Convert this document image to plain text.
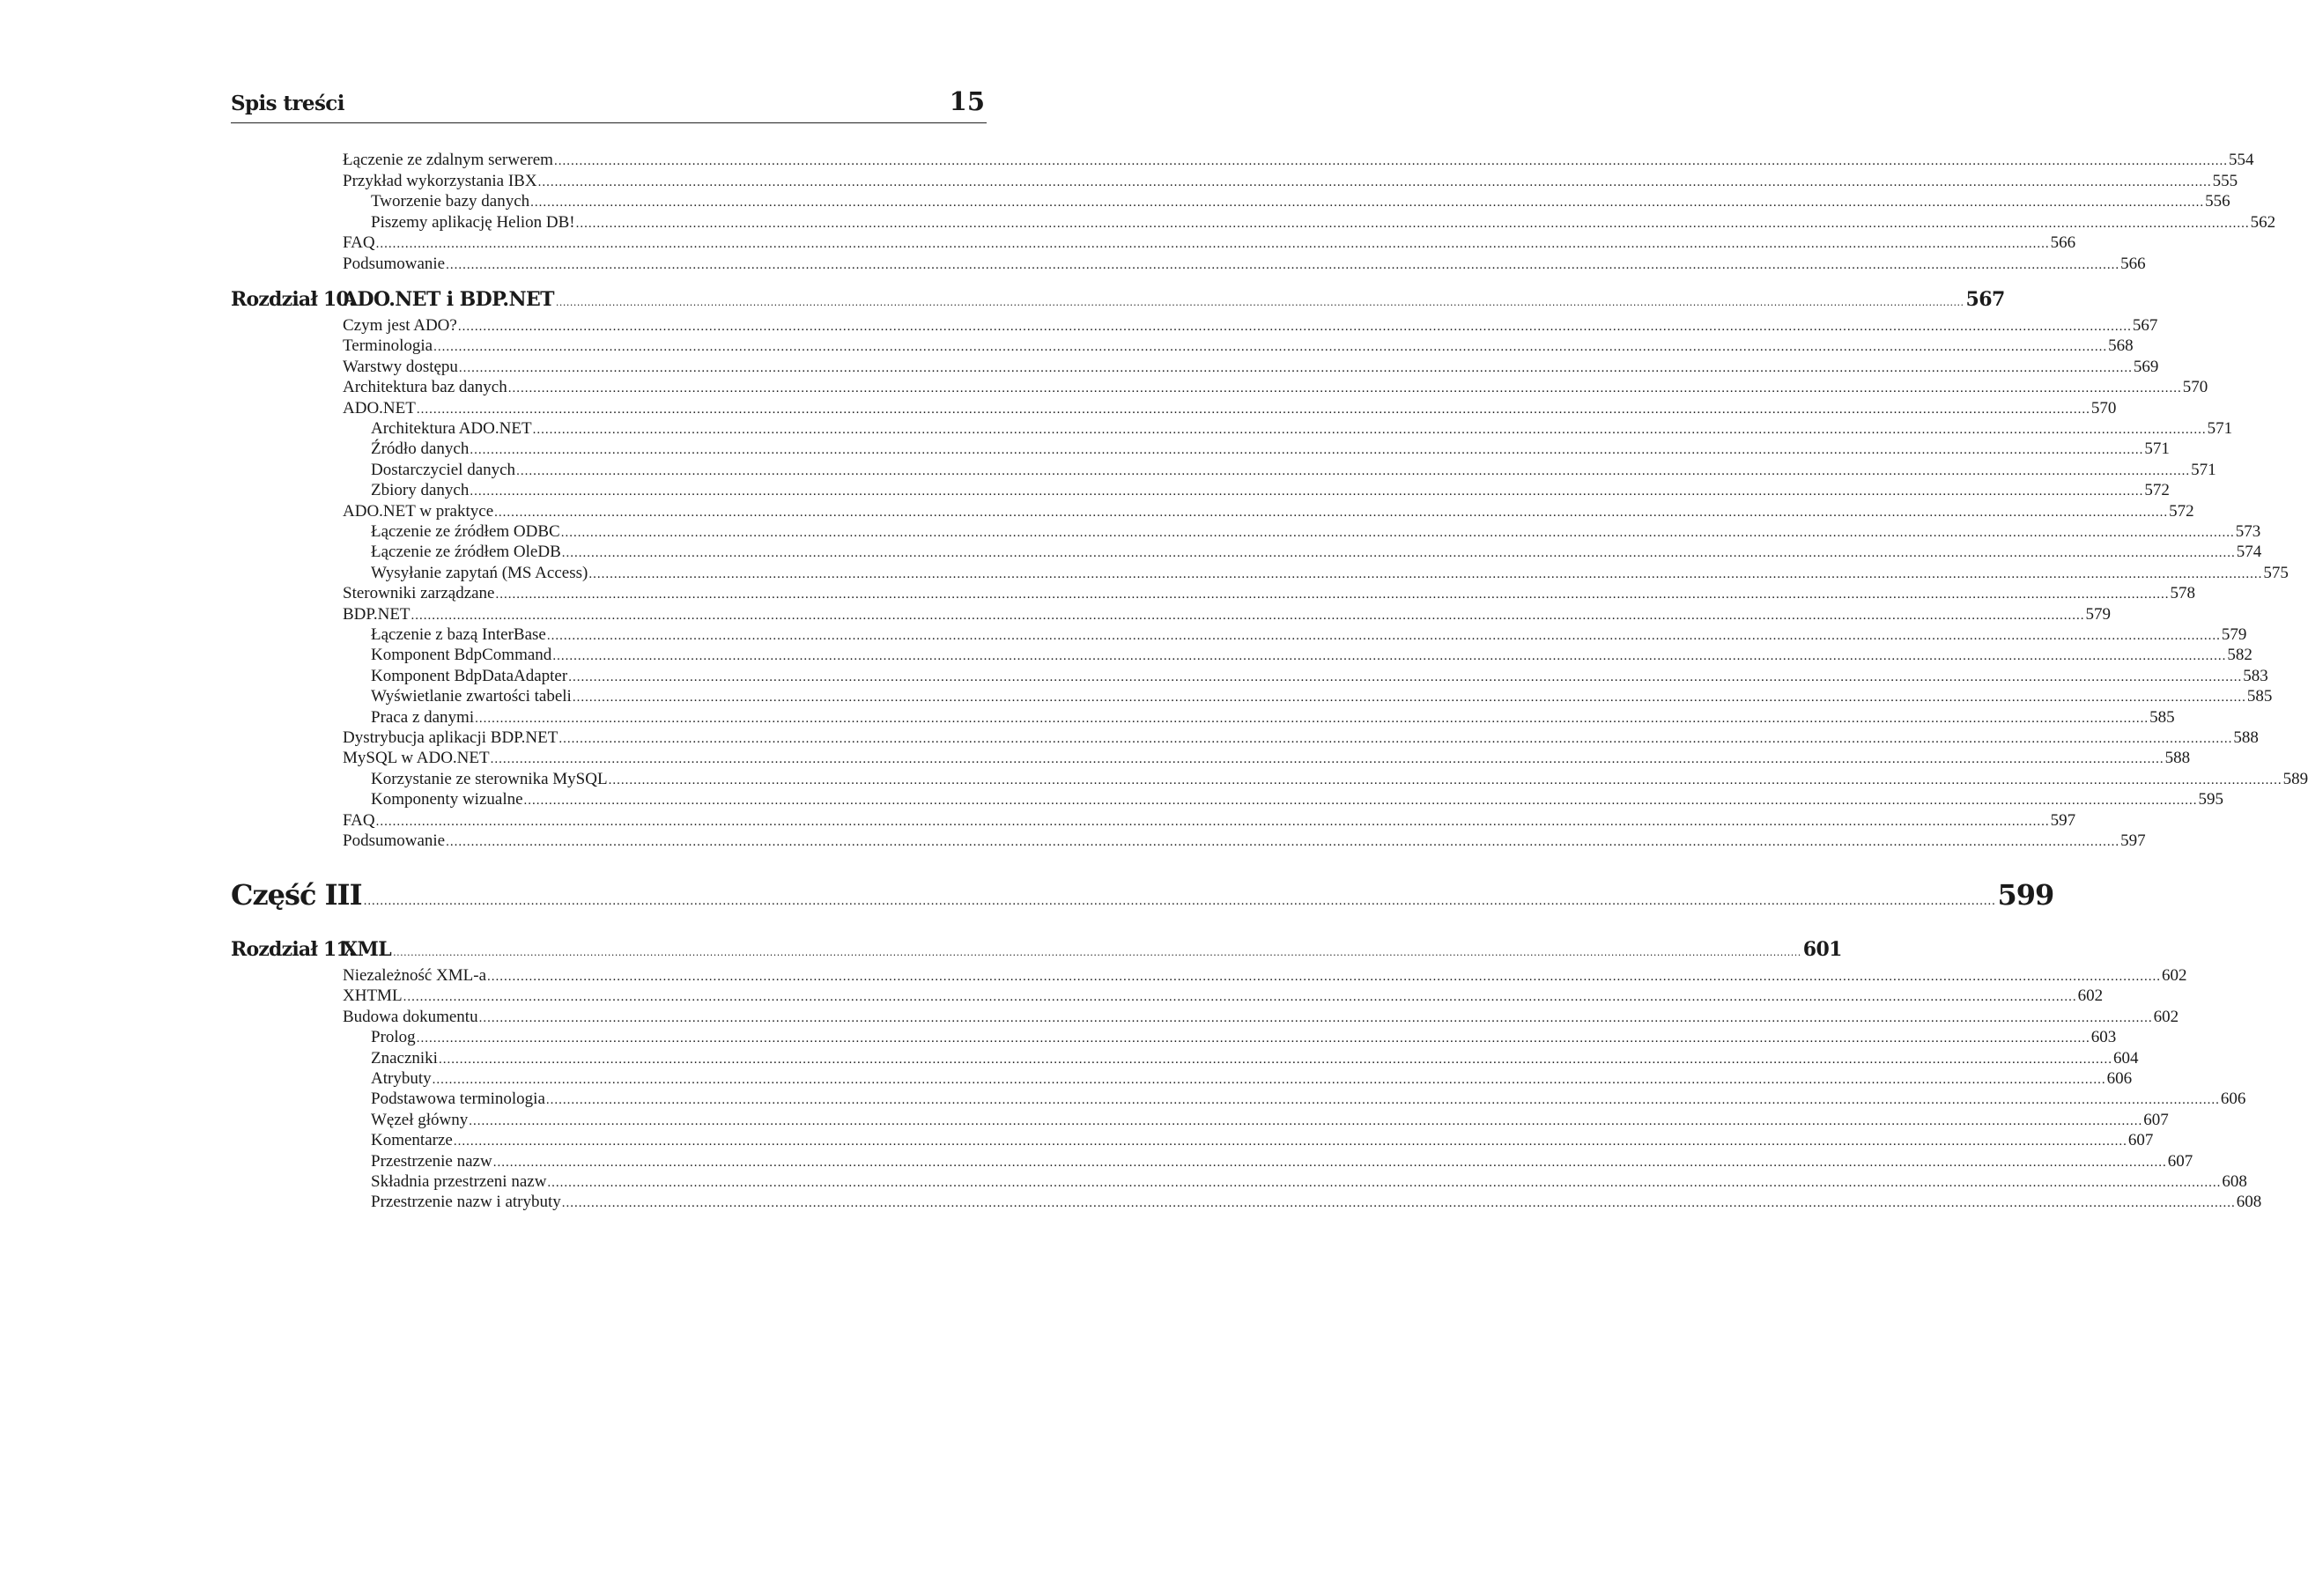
Spis treści	15
Łączenie ze zdalnym serwerem ................................................................................................................................................................................................................................................................................................................................................................................................................ 554
Przykład wykorzystania IBX ................................................................................................................................................................................................................................................................................................................................................................................................................ 555
Tworzenie bazy danych ................................................................................................................................................................................................................................................................................................................................................................................................................ 556
Piszemy aplikację Helion DB! ................................................................................................................................................................................................................................................................................................................................................................................................................ 562
FAQ ................................................................................................................................................................................................................................................................................................................................................................................................................ 566
Podsumowanie ................................................................................................................................................................................................................................................................................................................................................................................................................ 566
Rozdział 10.
ADO.NET i BDP.NET ................................................................................................................................................................................................................................................................................................................................................................................................................ 567
Czym jest ADO? ................................................................................................................................................................................................................................................................................................................................................................................................................ 567
Terminologia ................................................................................................................................................................................................................................................................................................................................................................................................................ 568
Warstwy dostępu ................................................................................................................................................................................................................................................................................................................................................................................................................ 569
Architektura baz danych ................................................................................................................................................................................................................................................................................................................................................................................................................ 570
ADO.NET ................................................................................................................................................................................................................................................................................................................................................................................................................ 570
Architektura ADO.NET ................................................................................................................................................................................................................................................................................................................................................................................................................ 571
Źródło danych ................................................................................................................................................................................................................................................................................................................................................................................................................ 571
Dostarczyciel danych ................................................................................................................................................................................................................................................................................................................................................................................................................ 571
Zbiory danych ................................................................................................................................................................................................................................................................................................................................................................................................................ 572
ADO.NET w praktyce ................................................................................................................................................................................................................................................................................................................................................................................................................ 572
Łączenie ze źródłem ODBC ................................................................................................................................................................................................................................................................................................................................................................................................................ 573
Łączenie ze źródłem OleDB ................................................................................................................................................................................................................................................................................................................................................................................................................ 574
Wysyłanie zapytań (MS Access) ................................................................................................................................................................................................................................................................................................................................................................................................................ 575
Sterowniki zarządzane ................................................................................................................................................................................................................................................................................................................................................................................................................ 578
BDP.NET ................................................................................................................................................................................................................................................................................................................................................................................................................ 579
Łączenie z bazą InterBase ................................................................................................................................................................................................................................................................................................................................................................................................................ 579
Komponent BdpCommand ................................................................................................................................................................................................................................................................................................................................................................................................................ 582
Komponent BdpDataAdapter ................................................................................................................................................................................................................................................................................................................................................................................................................ 583
Wyświetlanie zwartości tabeli ................................................................................................................................................................................................................................................................................................................................................................................................................ 585
Praca z danymi ................................................................................................................................................................................................................................................................................................................................................................................................................ 585
Dystrybucja aplikacji BDP.NET ................................................................................................................................................................................................................................................................................................................................................................................................................ 588
MySQL w ADO.NET ................................................................................................................................................................................................................................................................................................................................................................................................................ 588
Korzystanie ze sterownika MySQL ................................................................................................................................................................................................................................................................................................................................................................................................................ 589
Komponenty wizualne ................................................................................................................................................................................................................................................................................................................................................................................................................ 595
FAQ ................................................................................................................................................................................................................................................................................................................................................................................................................ 597
Podsumowanie ................................................................................................................................................................................................................................................................................................................................................................................................................ 597
Część III ................................................................................................................................................................................................................................................................................................................................................................................................................ 599
Rozdział 11.
XML ................................................................................................................................................................................................................................................................................................................................................................................................................ 601
Niezależność XML-a ................................................................................................................................................................................................................................................................................................................................................................................................................ 602
XHTML ................................................................................................................................................................................................................................................................................................................................................................................................................ 602
Budowa dokumentu ................................................................................................................................................................................................................................................................................................................................................................................................................ 602
Prolog ................................................................................................................................................................................................................................................................................................................................................................................................................ 603
Znaczniki ................................................................................................................................................................................................................................................................................................................................................................................................................ 604
Atrybuty ................................................................................................................................................................................................................................................................................................................................................................................................................ 606
Podstawowa terminologia ................................................................................................................................................................................................................................................................................................................................................................................................................ 606
Węzeł główny ................................................................................................................................................................................................................................................................................................................................................................................................................ 607
Komentarze ................................................................................................................................................................................................................................................................................................................................................................................................................ 607
Przestrzenie nazw ................................................................................................................................................................................................................................................................................................................................................................................................................ 607
Składnia przestrzeni nazw ................................................................................................................................................................................................................................................................................................................................................................................................................ 608
Przestrzenie nazw i atrybuty ................................................................................................................................................................................................................................................................................................................................................................................................................ 608
